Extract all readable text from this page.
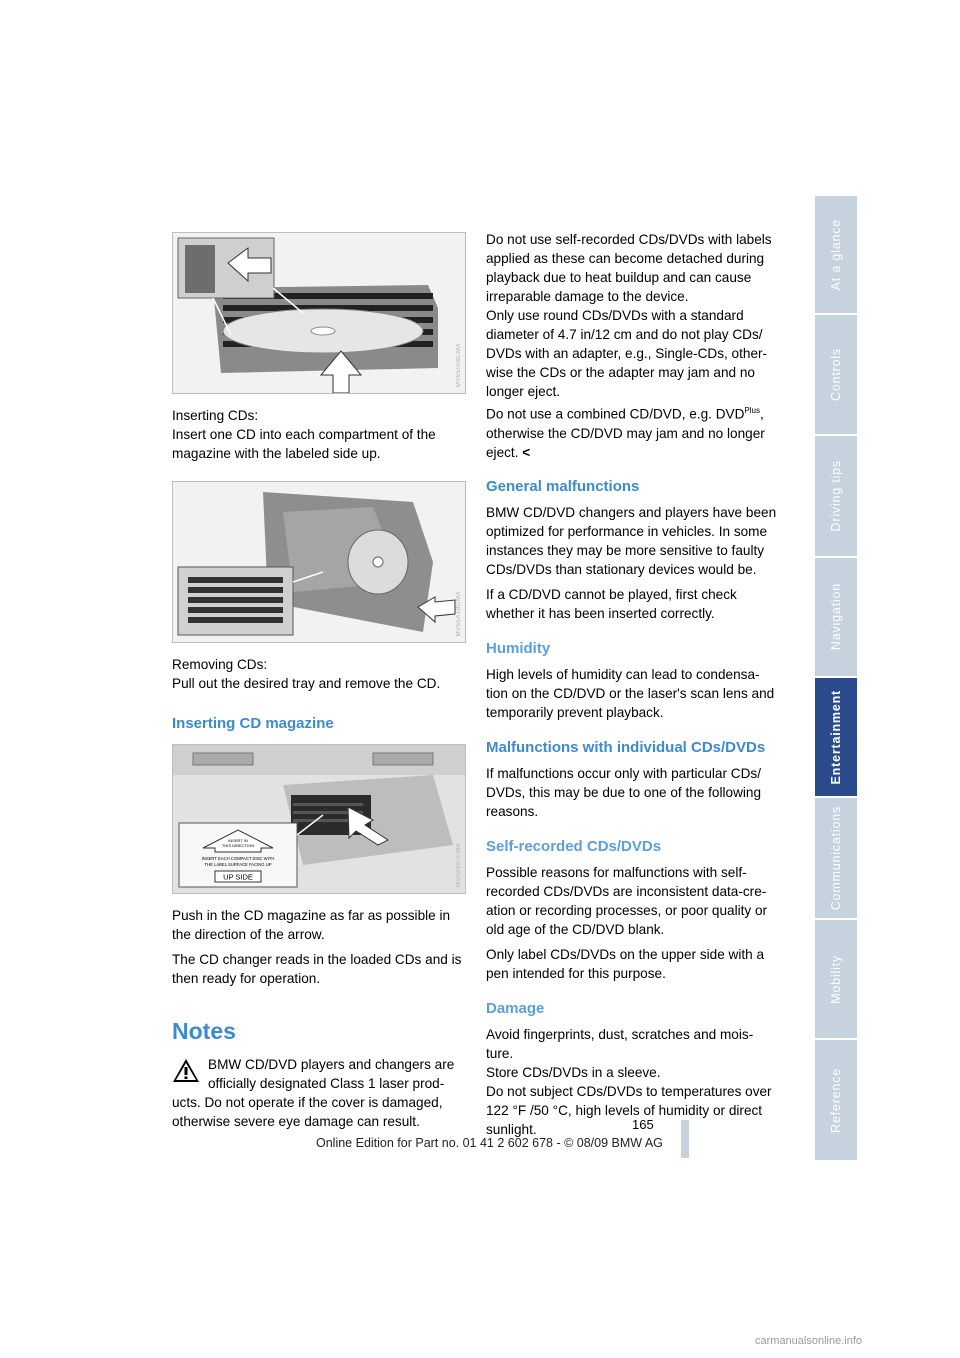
MV65008CMA

Inserting CDs:
Insert one CD into each compartment of the
magazine with the labeled side up.

MV65A1BCMA

Removing CDs:
Pull out the desired tray and remove the CD.

Inserting CD magazine
INSERT IN
THIS DIRECTION
INSERT EACH COMPACT DISC WITH
THE LABEL SURFACE FACING UP
UP SIDE	MV02307CMA

Push in the CD magazine as far as possible in
the direction of the arrow.

The CD changer reads in the loaded CDs and is
then ready for operation.

Notes

BMW CD/DVD players and changers are

officially designated Class 1 laser prod-

ucts. Do not operate if the cover is damaged,

otherwise severe eye damage can result.

Do not use self-recorded CDs/DVDs with labels
applied as these can become detached during
playback due to heat buildup and can cause
irreparable damage to the device.
Only use round CDs/DVDs with a standard
diameter of 4.7 in/12 cm and do not play CDs/
DVDs with an adapter, e.g., Single-CDs, other-
wise the CDs or the adapter may jam and no
longer eject.
Do not use a combined CD/DVD, e.g. $DVD^{Plus}$,
otherwise the CD/DVD may jam and no longer
eject. <

General malfunctions

BMW CD/DVD changers and players have been
optimized for performance in vehicles. In some
instances they may be more sensitive to faulty
CDs/DVDs than stationary devices would be.

If a CD/DVD cannot be played, first check
whether it has been inserted correctly.

Humidity

High levels of humidity can lead to condensa-
tion on the CD/DVD or the laser's scan lens and
temporarily prevent playback.

Malfunctions with individual CDs/DVDs

If malfunctions occur only with particular CDs/
DVDs, this may be due to one of the following
reasons.

Self-recorded CDs/DVDs

Possible reasons for malfunctions with self-
recorded CDs/DVDs are inconsistent data-cre-
ation or recording processes, or poor quality or
old age of the CD/DVD blank.

Only label CDs/DVDs on the upper side with a
pen intended for this purpose.

Damage

Avoid fingerprints, dust, scratches and mois-
ture.
Store CDs/DVDs in a sleeve.
Do not subject CDs/DVDs to temperatures over
122 °F /50 °C, high levels of humidity or direct
sunlight.

At a glance
Controls
Driving tips
Navigation
Entertainment
Communications
Mobility
Reference
165
Online Edition for Part no. 01 41 2 602 678 - © 08/09 BMW AG
carmanualsonline.info
